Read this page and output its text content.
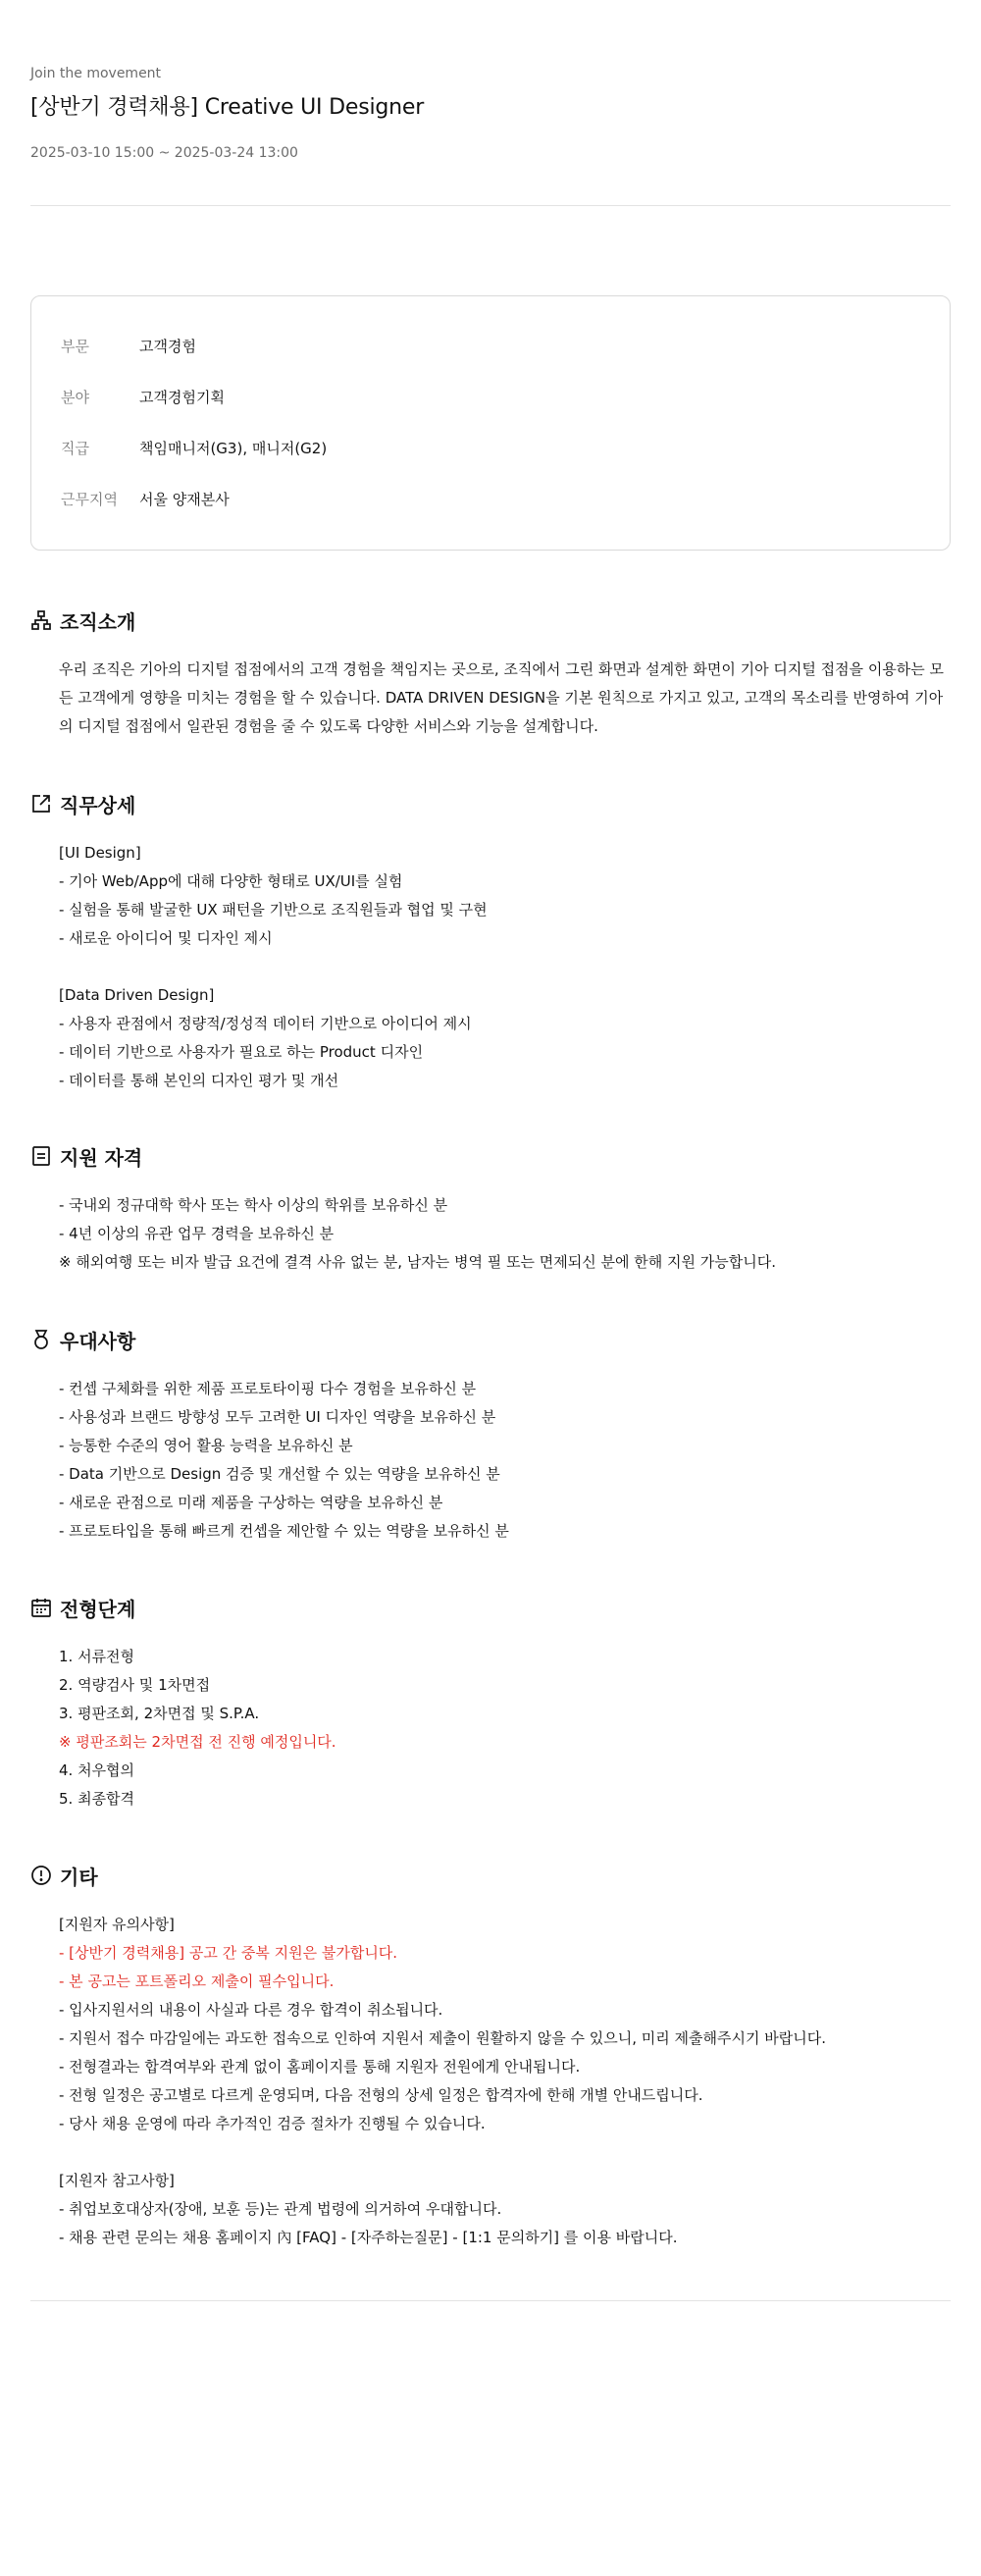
Join the movement
[상반기 경력채용] Creative UI Designer
2025-03-10 15:00 ~ 2025-03-24 13:00
부문	고객경험
분야	고객경험기획
직급	책임매니저(G3), 매니저(G2)
근무지역	서울 양재본사
조직소개
우리 조직은 기아의 디지털 접점에서의 고객 경험을 책임지는 곳으로, 조직에서 그린 화면과 설계한 화면이 기아 디지털 접점을 이용하는 모든 고객에게 영향을 미치는 경험을 할 수 있습니다. DATA DRIVEN DESIGN을 기본 원칙으로 가지고 있고, 고객의 목소리를 반영하여 기아의 디지털 접점에서 일관된 경험을 줄 수 있도록 다양한 서비스와 기능을 설계합니다.
직무상세
[UI Design]
- 기아 Web/App에 대해 다양한 형태로 UX/UI를 실험
- 실험을 통해 발굴한 UX 패턴을 기반으로 조직원들과 협업 및 구현
- 새로운 아이디어 및 디자인 제시
[Data Driven Design]
- 사용자 관점에서 정량적/정성적 데이터 기반으로 아이디어 제시
- 데이터 기반으로 사용자가 필요로 하는 Product 디자인
- 데이터를 통해 본인의 디자인 평가 및 개선
지원 자격
- 국내외 정규대학 학사 또는 학사 이상의 학위를 보유하신 분
- 4년 이상의 유관 업무 경력을 보유하신 분
※ 해외여행 또는 비자 발급 요건에 결격 사유 없는 분, 남자는 병역 필 또는 면제되신 분에 한해 지원 가능합니다.
우대사항
- 컨셉 구체화를 위한 제품 프로토타이핑 다수 경험을 보유하신 분
- 사용성과 브랜드 방향성 모두 고려한 UI 디자인 역량을 보유하신 분
- 능통한 수준의 영어 활용 능력을 보유하신 분
- Data 기반으로 Design 검증 및 개선할 수 있는 역량을 보유하신 분
- 새로운 관점으로 미래 제품을 구상하는 역량을 보유하신 분
- 프로토타입을 통해 빠르게 컨셉을 제안할 수 있는 역량을 보유하신 분
전형단계
1. 서류전형
2. 역량검사 및 1차면접
3. 평판조회, 2차면접 및 S.P.A.
※ 평판조회는 2차면접 전 진행 예정입니다.
4. 처우협의
5. 최종합격
기타
[지원자 유의사항]
- [상반기 경력채용] 공고 간 중복 지원은 불가합니다.
- 본 공고는 포트폴리오 제출이 필수입니다.
- 입사지원서의 내용이 사실과 다른 경우 합격이 취소됩니다.
- 지원서 접수 마감일에는 과도한 접속으로 인하여 지원서 제출이 원활하지 않을 수 있으니, 미리 제출해주시기 바랍니다.
- 전형결과는 합격여부와 관계 없이 홈페이지를 통해 지원자 전원에게 안내됩니다.
- 전형 일정은 공고별로 다르게 운영되며, 다음 전형의 상세 일정은 합격자에 한해 개별 안내드립니다.
- 당사 채용 운영에 따라 추가적인 검증 절차가 진행될 수 있습니다.
[지원자 참고사항]
- 취업보호대상자(장애, 보훈 등)는 관계 법령에 의거하여 우대합니다.
- 채용 관련 문의는 채용 홈페이지 內 [FAQ] - [자주하는질문] - [1:1 문의하기] 를 이용 바랍니다.
